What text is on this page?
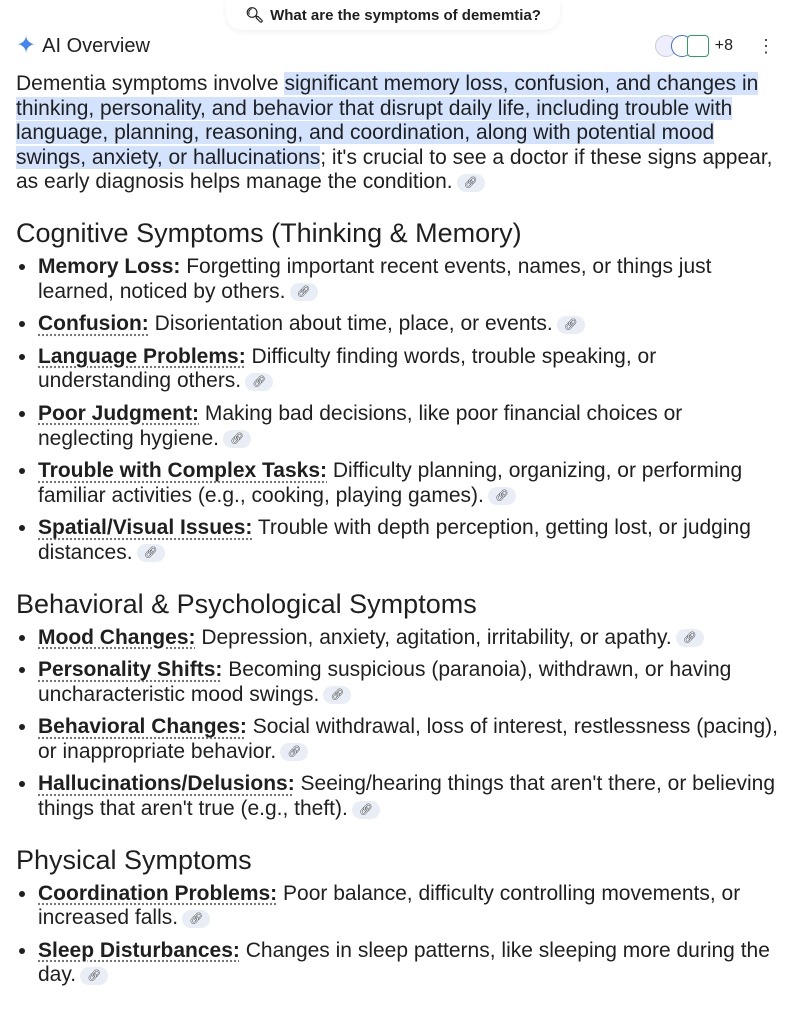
🔍︎ What are the symptoms of dememtia?
✦ AI Overview	+8 ⋮
Dementia symptoms involve significant memory loss, confusion, and changes in thinking, personality, and behavior that disrupt daily life, including trouble with language, planning, reasoning, and coordination, along with potential mood swings, anxiety, or hallucinations; it's crucial to see a doctor if these signs appear, as early diagnosis helps manage the condition. 🔗︎
Cognitive Symptoms (Thinking & Memory)
• Memory Loss: Forgetting important recent events, names, or things just learned, noticed by others. 🔗︎
• Confusion: Disorientation about time, place, or events. 🔗︎
• Language Problems: Difficulty finding words, trouble speaking, or understanding others. 🔗︎
• Poor Judgment: Making bad decisions, like poor financial choices or neglecting hygiene. 🔗︎
• Trouble with Complex Tasks: Difficulty planning, organizing, or performing familiar activities (e.g., cooking, playing games). 🔗︎
• Spatial/Visual Issues: Trouble with depth perception, getting lost, or judging distances. 🔗︎
Behavioral & Psychological Symptoms
• Mood Changes: Depression, anxiety, agitation, irritability, or apathy. 🔗︎
• Personality Shifts: Becoming suspicious (paranoia), withdrawn, or having uncharacteristic mood swings. 🔗︎
• Behavioral Changes: Social withdrawal, loss of interest, restlessness (pacing), or inappropriate behavior. 🔗︎
• Hallucinations/Delusions: Seeing/hearing things that aren't there, or believing things that aren't true (e.g., theft). 🔗︎
Physical Symptoms
• Coordination Problems: Poor balance, difficulty controlling movements, or increased falls. 🔗︎
• Sleep Disturbances: Changes in sleep patterns, like sleeping more during the day. 🔗︎
